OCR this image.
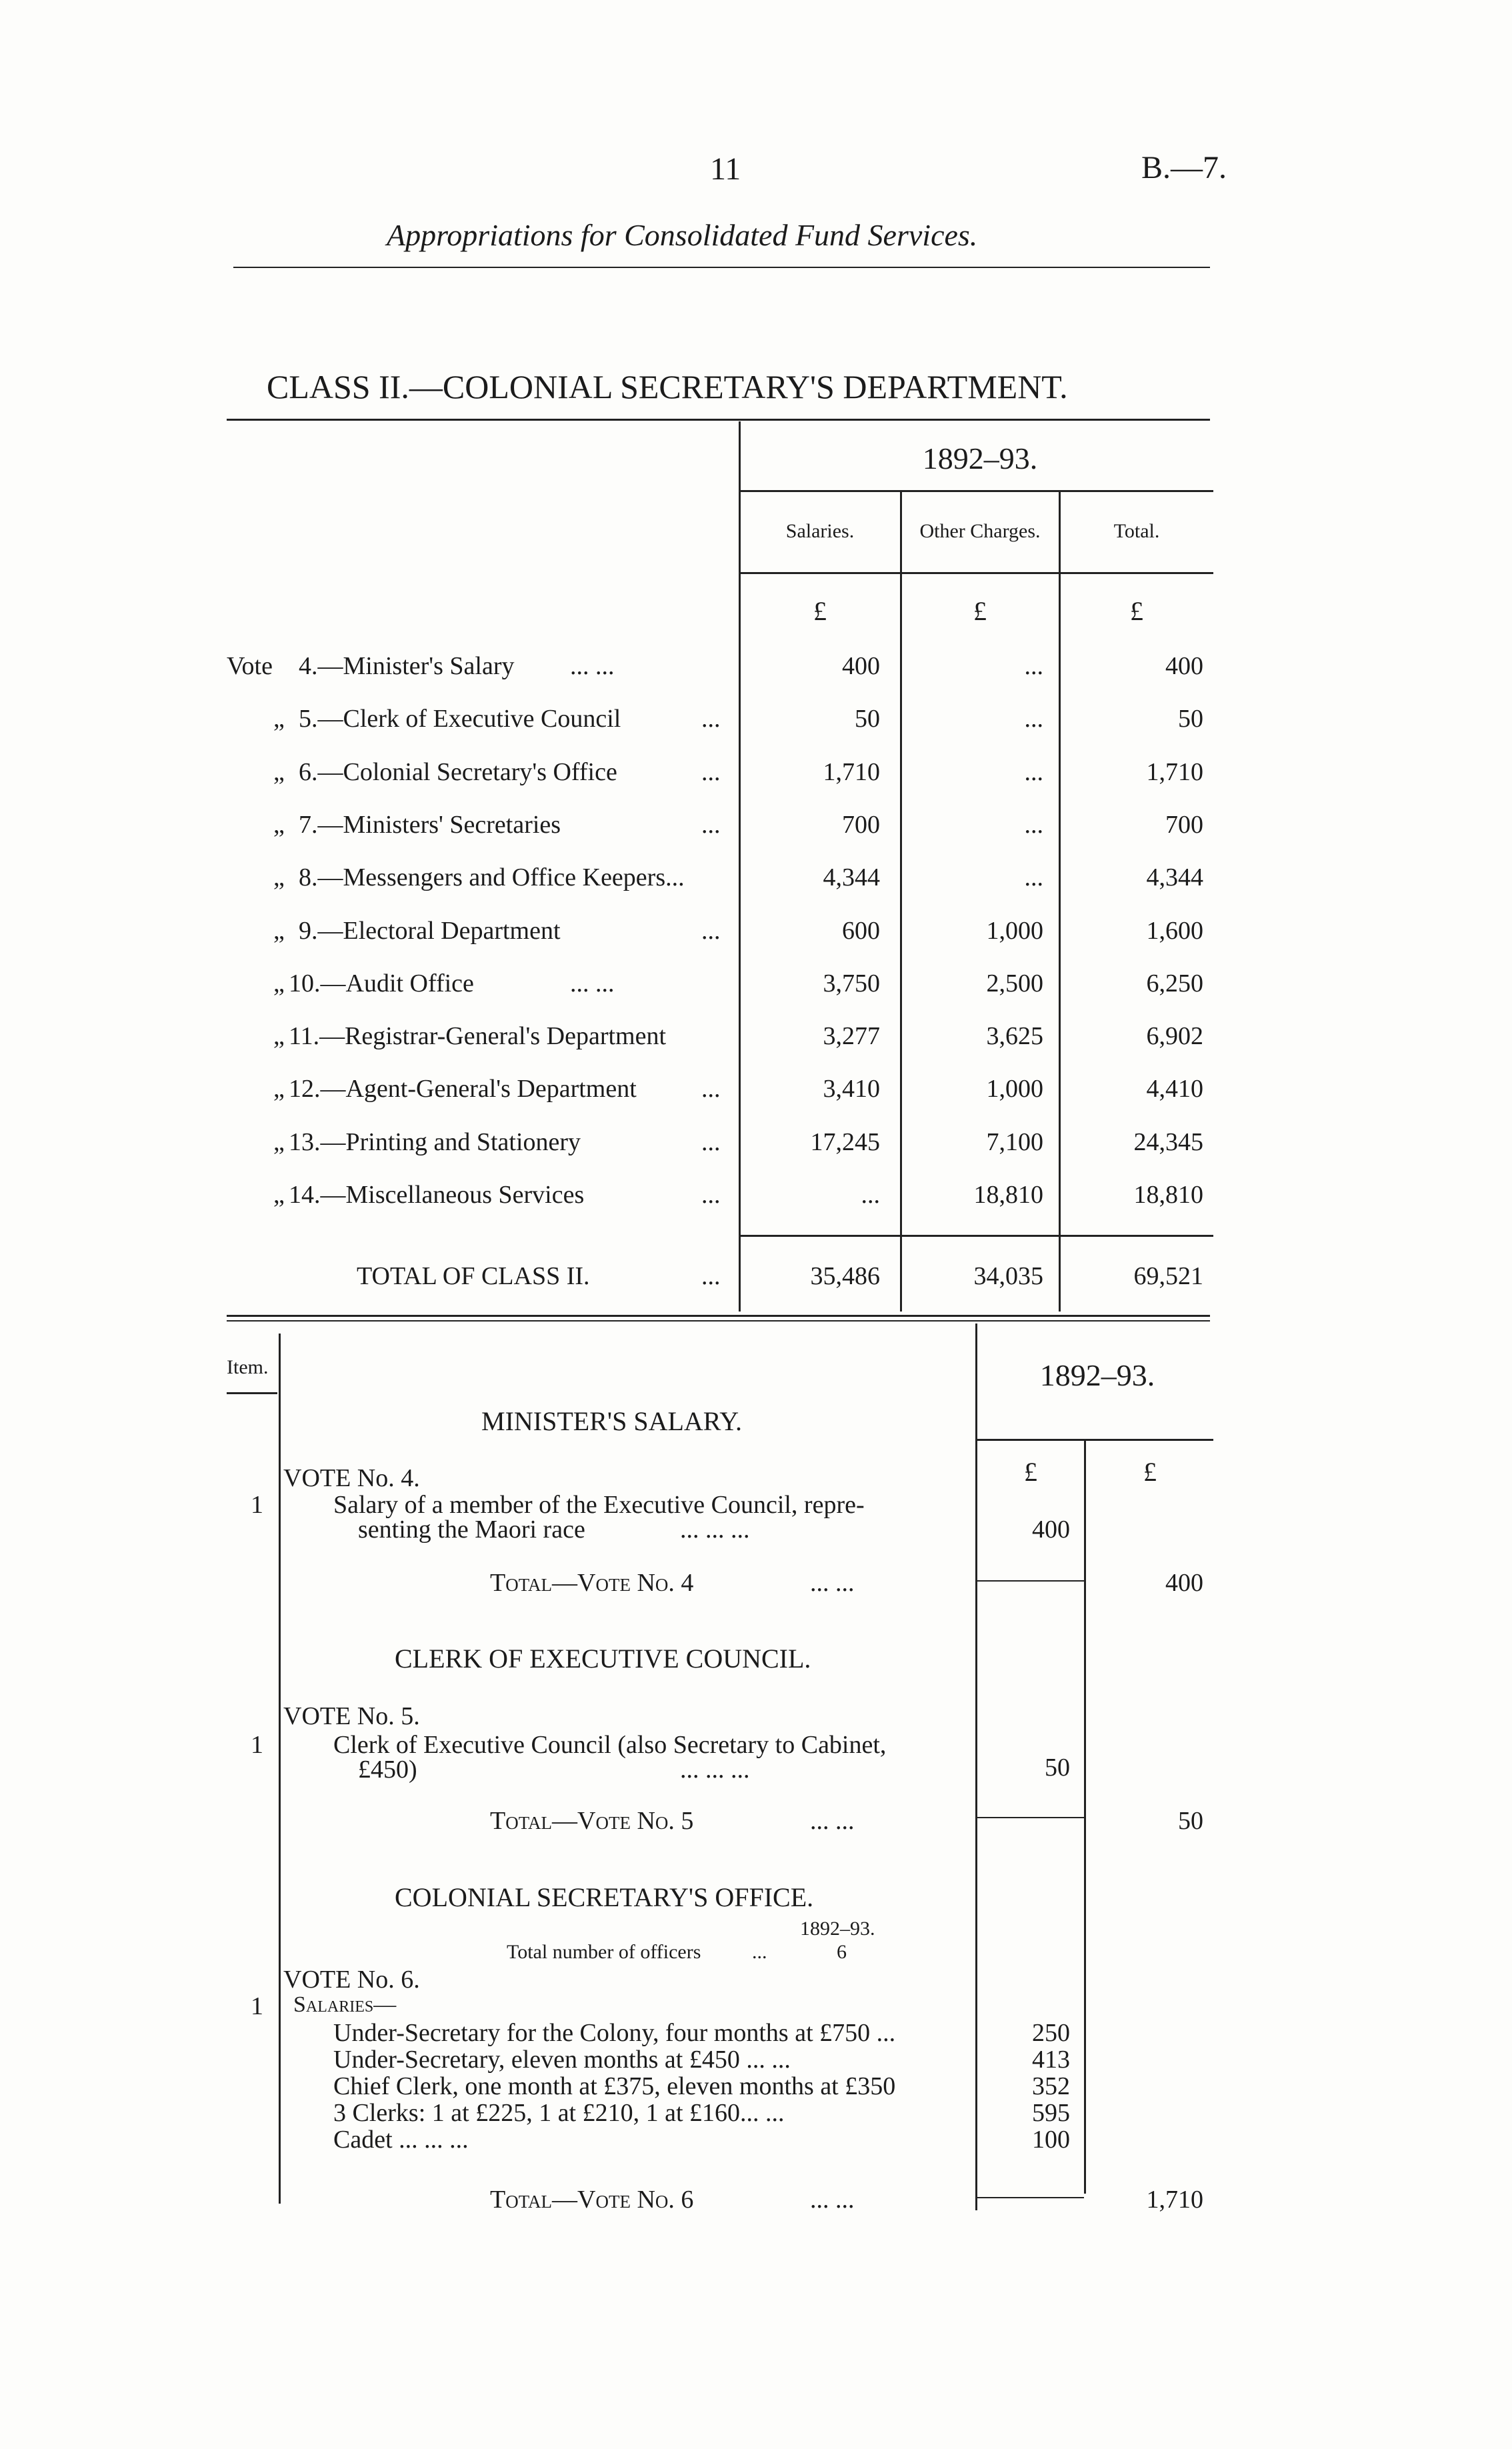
11	B.—7.
Appropriations for Consolidated Fund Services.
CLASS II.—COLONIAL SECRETARY'S DEPARTMENT.
1892–93.
Salaries.	Other Charges.	Total.
£	£	£
Vote 4.—Minister's Salary ... ...	400	...	400
„ 5.—Clerk of Executive Council	...	50	...	50
„ 6.—Colonial Secretary's Office	...	1,710	...	1,710
„ 7.—Ministers' Secretaries	...	700	...	700
„ 8.—Messengers and Office Keepers...	4,344	...	4,344
„ 9.—Electoral Department	...	600	1,000	1,600
„ 10.—Audit Office	... ...	3,750	2,500	6,250
„ 11.—Registrar-General's Department	3,277	3,625	6,902
„ 12.—Agent-General's Department	...	3,410	1,000	4,410
„ 13.—Printing and Stationery	...	17,245	7,100	24,345
„ 14.—Miscellaneous Services	...	...	18,810	18,810
TOTAL OF CLASS II.	...	35,486	34,035	69,521
Item.	1892–93.
MINISTER'S SALARY.
£	£
VOTE No. 4.
1	Salary of a member of the Executive Council, repre-
senting the Maori race	... ... ...	400
Total—Vote No. 4	... ...	400
CLERK OF EXECUTIVE COUNCIL.
VOTE No. 5.
1	Clerk of Executive Council (also Secretary to Cabinet,
£450)	... ... ...	50
Total—Vote No. 5	... ...	50
COLONIAL SECRETARY'S OFFICE.
1892–93.
Total number of officers	...	6
VOTE No. 6.
1 Salaries—
Under-Secretary for the Colony, four months at £750 ...	250
Under-Secretary, eleven months at £450 ... ...	413
Chief Clerk, one month at £375, eleven months at £350	352
3 Clerks: 1 at £225, 1 at £210, 1 at £160... ...	595
Cadet ... ... ...	100
Total—Vote No. 6	... ...	1,710
